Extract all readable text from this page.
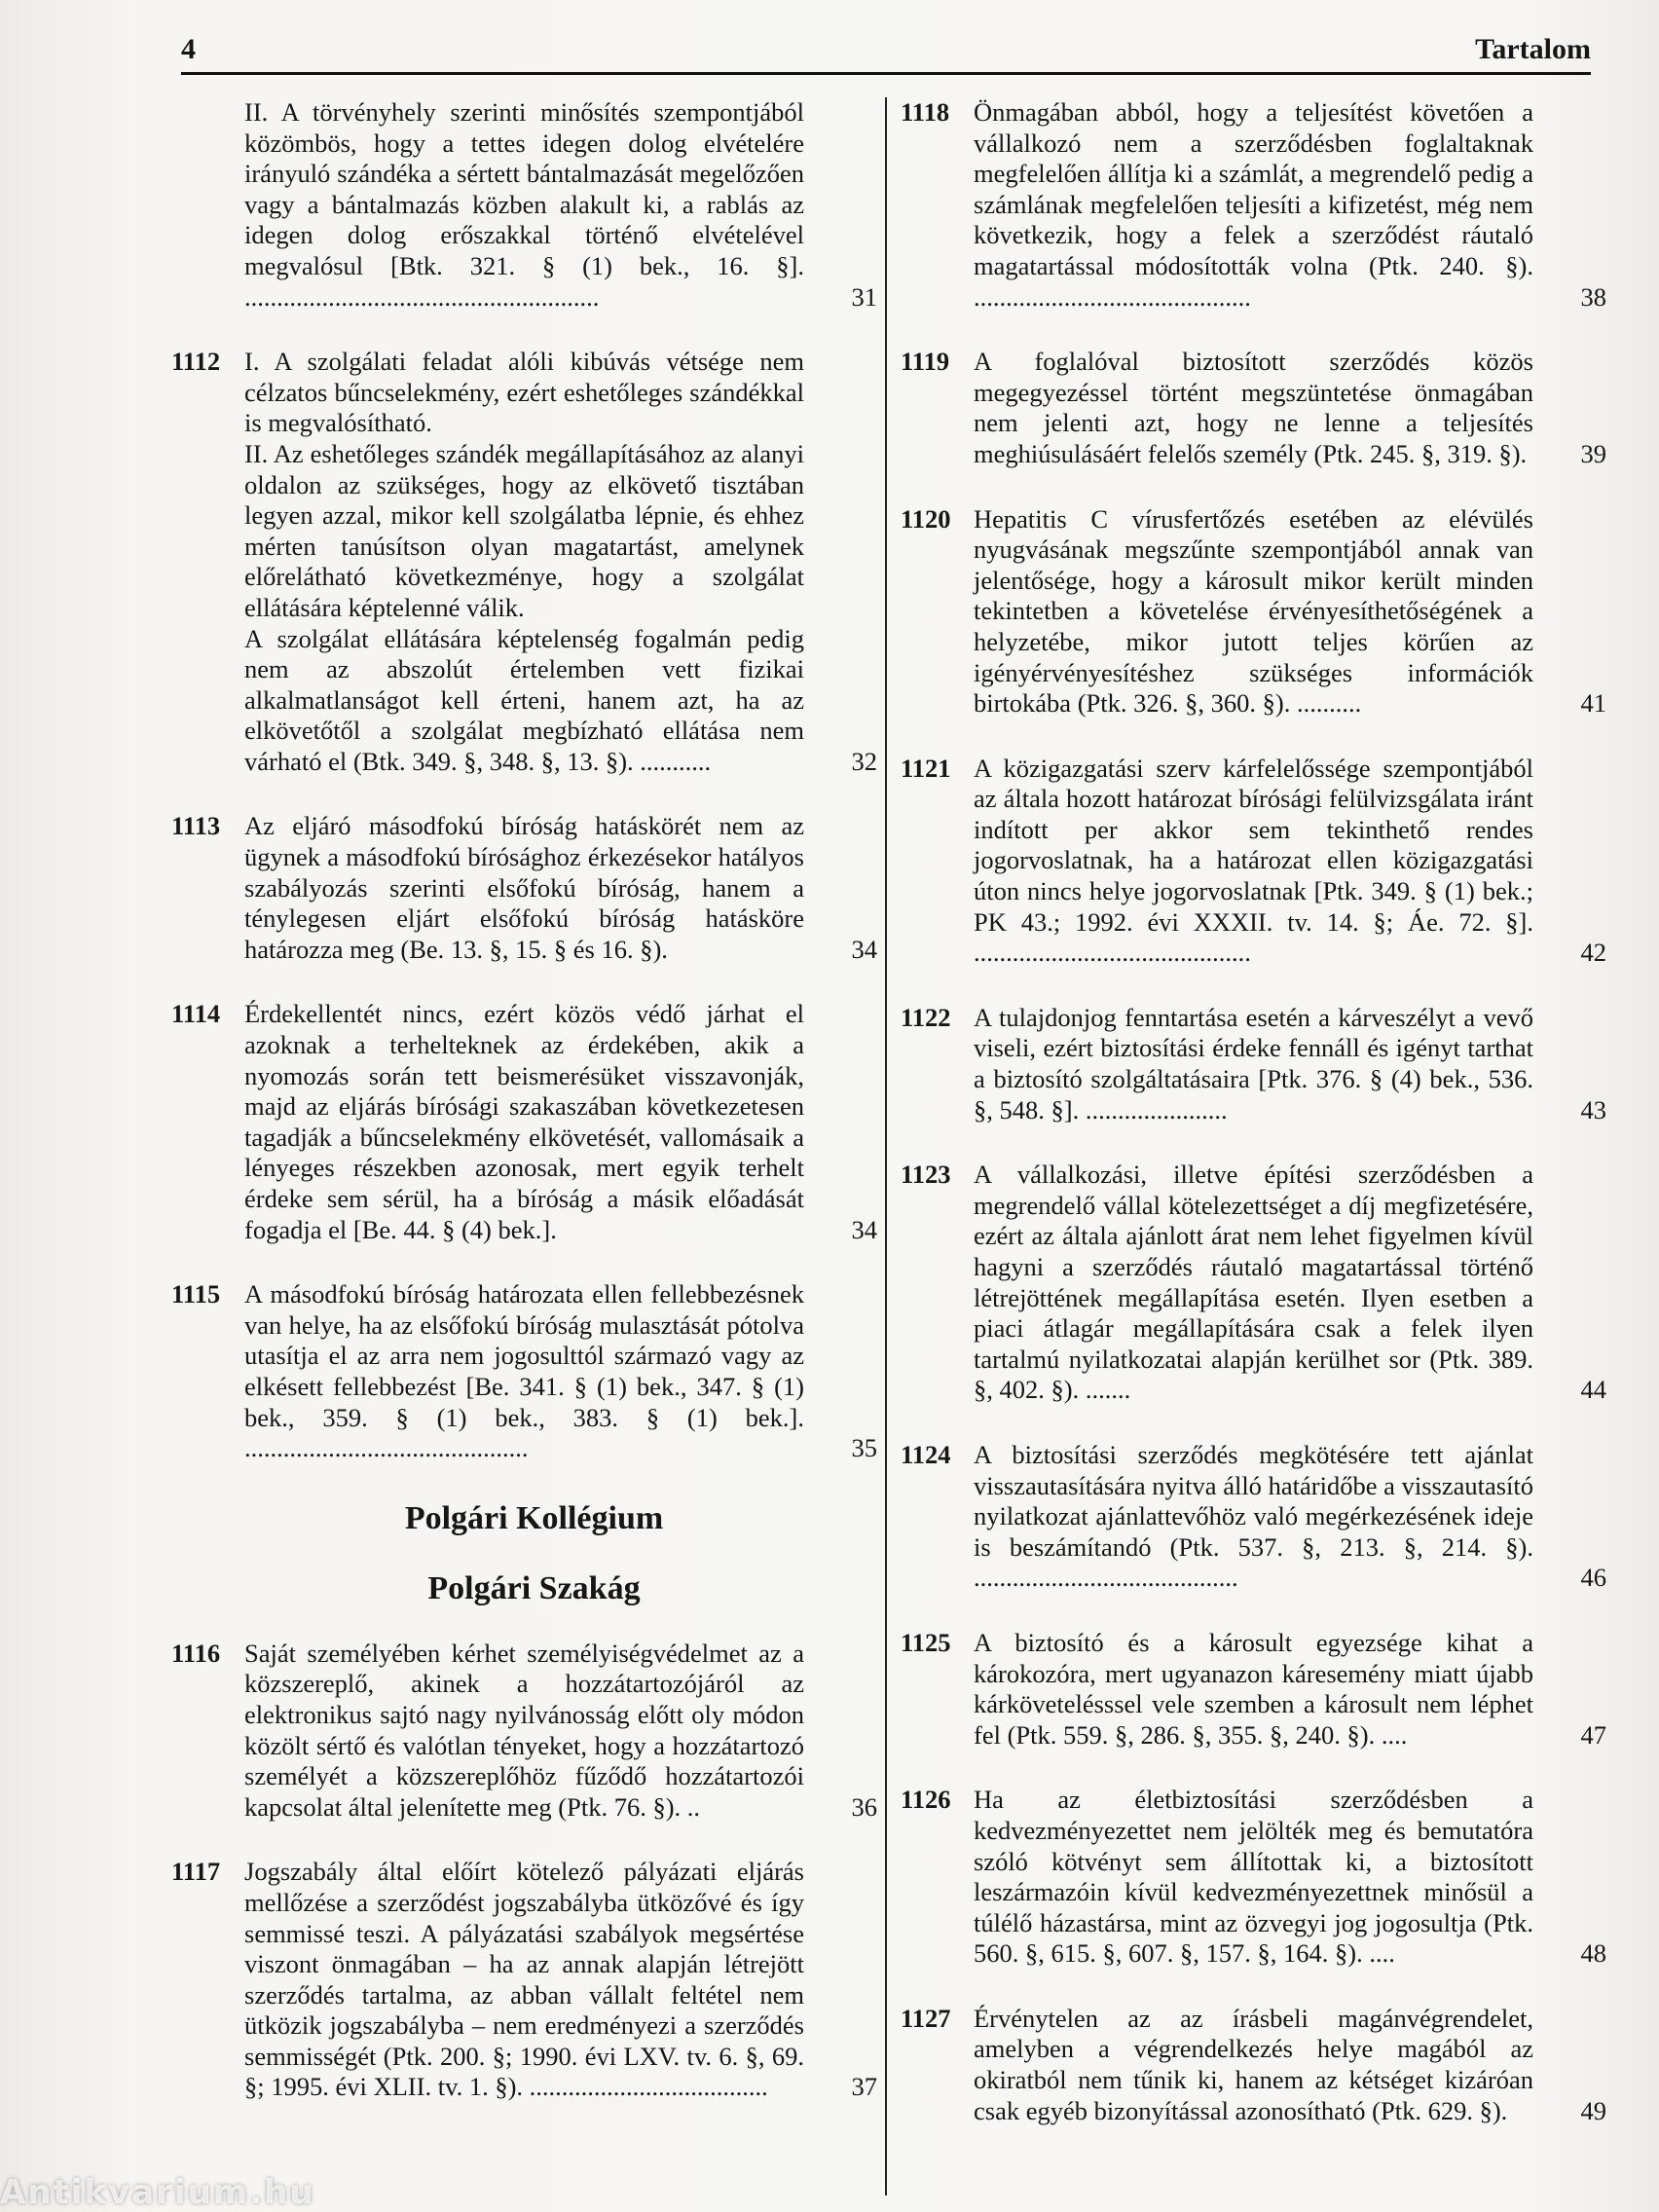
4	Tartalom

II. A törvényhely szerinti minősítés szempontjából közömbös, hogy a tettes idegen dolog elvételére irányuló szándéka a sértett bántalmazását megelőzően vagy a bántalmazás közben alakult ki, a rablás az idegen dolog erőszakkal történő elvételével megvalósul [Btk. 321. § (1) bek., 16. §]. .......................................................	31
1112 I. A szolgálati feladat alóli kibúvás vétsége nem célzatos bűncselekmény, ezért eshetőleges szándékkal is megvalósítható.

II. Az eshetőleges szándék megállapításához az alanyi oldalon az szükséges, hogy az elkövető tisztában legyen azzal, mikor kell szolgálatba lépnie, és ehhez mérten tanúsítson olyan magatartást, amelynek előrelátható következménye, hogy a szolgálat ellátására képtelenné válik.

A szolgálat ellátására képtelenség fogalmán pedig nem az abszolút értelemben vett fizikai alkalmatlanságot kell érteni, hanem azt, ha az elkövetőtől a szolgálat megbízható ellátása nem várható el (Btk. 349. §, 348. §, 13. §). ...........	32
1113 Az eljáró másodfokú bíróság hatáskörét nem az ügynek a másodfokú bírósághoz érkezésekor hatályos szabályozás szerinti elsőfokú bíróság, hanem a ténylegesen eljárt elsőfokú bíróság hatásköre határozza meg (Be. 13. §, 15. § és 16. §).	34
1114 Érdekellentét nincs, ezért közös védő járhat el azoknak a terhelteknek az érdekében, akik a nyomozás során tett beismerésüket visszavonják, majd az eljárás bírósági szakaszában következetesen tagadják a bűncselekmény elkövetését, vallomásaik a lényeges részekben azonosak, mert egyik terhelt érdeke sem sérül, ha a bíróság a másik előadását fogadja el [Be. 44. § (4) bek.].	34
1115 A másodfokú bíróság határozata ellen fellebbezésnek van helye, ha az elsőfokú bíróság mulasztását pótolva utasítja el az arra nem jogosulttól származó vagy az elkésett fellebbezést [Be. 341. § (1) bek., 347. § (1) bek., 359. § (1) bek., 383. § (1) bek.]. ............................................	35
Polgári Kollégium
Polgári Szakág
1116 Saját személyében kérhet személyiségvédelmet az a közszereplő, akinek a hozzátartozójáról az elektronikus sajtó nagy nyilvánosság előtt oly módon közölt sértő és valótlan tényeket, hogy a hozzátartozó személyét a közszereplőhöz fűződő hozzátartozói kapcsolat által jelenítette meg (Ptk. 76. §). ..	36
1117 Jogszabály által előírt kötelező pályázati eljárás mellőzése a szerződést jogszabályba ütközővé és így semmissé teszi. A pályázatási szabályok megsértése viszont önmagában – ha az annak alapján létrejött szerződés tartalma, az abban vállalt feltétel nem ütközik jogszabályba – nem eredményezi a szerződés semmisségét (Ptk. 200. §; 1990. évi LXV. tv. 6. §, 69. §; 1995. évi XLII. tv. 1. §). .....................................	37
1118 Önmagában abból, hogy a teljesítést követően a vállalkozó nem a szerződésben foglaltaknak megfelelően állítja ki a számlát, a megrendelő pedig a számlának megfelelően teljesíti a kifizetést, még nem következik, hogy a felek a szerződést ráutaló magatartással módosították volna (Ptk. 240. §). ...........................................	38
1119 A foglalóval biztosított szerződés közös megegyezéssel történt megszüntetése önmagában nem jelenti azt, hogy ne lenne a teljesítés meghiúsulásáért felelős személy (Ptk. 245. §, 319. §).	39
1120 Hepatitis C vírusfertőzés esetében az elévülés nyugvásának megszűnte szempontjából annak van jelentősége, hogy a károsult mikor került minden tekintetben a követelése érvényesíthetőségének a helyzetébe, mikor jutott teljes körűen az igényérvényesítéshez szükséges információk birtokába (Ptk. 326. §, 360. §). ..........	41
1121 A közigazgatási szerv kárfelelőssége szempontjából az általa hozott határozat bírósági felülvizsgálata iránt indított per akkor sem tekinthető rendes jogorvoslatnak, ha a határozat ellen közigazgatási úton nincs helye jogorvoslatnak [Ptk. 349. § (1) bek.; PK 43.; 1992. évi XXXII. tv. 14. §; Áe. 72. §]. ...........................................	42
1122 A tulajdonjog fenntartása esetén a kárveszélyt a vevő viseli, ezért biztosítási érdeke fennáll és igényt tarthat a biztosító szolgáltatásaira [Ptk. 376. § (4) bek., 536. §, 548. §]. ......................	43
1123 A vállalkozási, illetve építési szerződésben a megrendelő vállal kötelezettséget a díj megfizetésére, ezért az általa ajánlott árat nem lehet figyelmen kívül hagyni a szerződés ráutaló magatartással történő létrejöttének megállapítása esetén. Ilyen esetben a piaci átlagár megállapítására csak a felek ilyen tartalmú nyilatkozatai alapján kerülhet sor (Ptk. 389. §, 402. §). .......	44
1124 A biztosítási szerződés megkötésére tett ajánlat visszautasítására nyitva álló határidőbe a visszautasító nyilatkozat ajánlattevőhöz való megérkezésének ideje is beszámítandó (Ptk. 537. §, 213. §, 214. §). .........................................	46
1125 A biztosító és a károsult egyezsége kihat a károkozóra, mert ugyanazon káresemény miatt újabb kárkövetelésssel vele szemben a károsult nem léphet fel (Ptk. 559. §, 286. §, 355. §, 240. §). ....	47
1126 Ha az életbiztosítási szerződésben a kedvezményezettet nem jelölték meg és bemutatóra szóló kötvényt sem állítottak ki, a biztosított leszármazóin kívül kedvezményezettnek minősül a túlélő házastársa, mint az özvegyi jog jogosultja (Ptk. 560. §, 615. §, 607. §, 157. §, 164. §). ....	48
1127 Érvénytelen az az írásbeli magánvégrendelet, amelyben a végrendelkezés helye magából az okiratból nem tűnik ki, hanem az kétséget kizáróan csak egyéb bizonyítással azonosítható (Ptk. 629. §).	49
Antikvarium.hu
